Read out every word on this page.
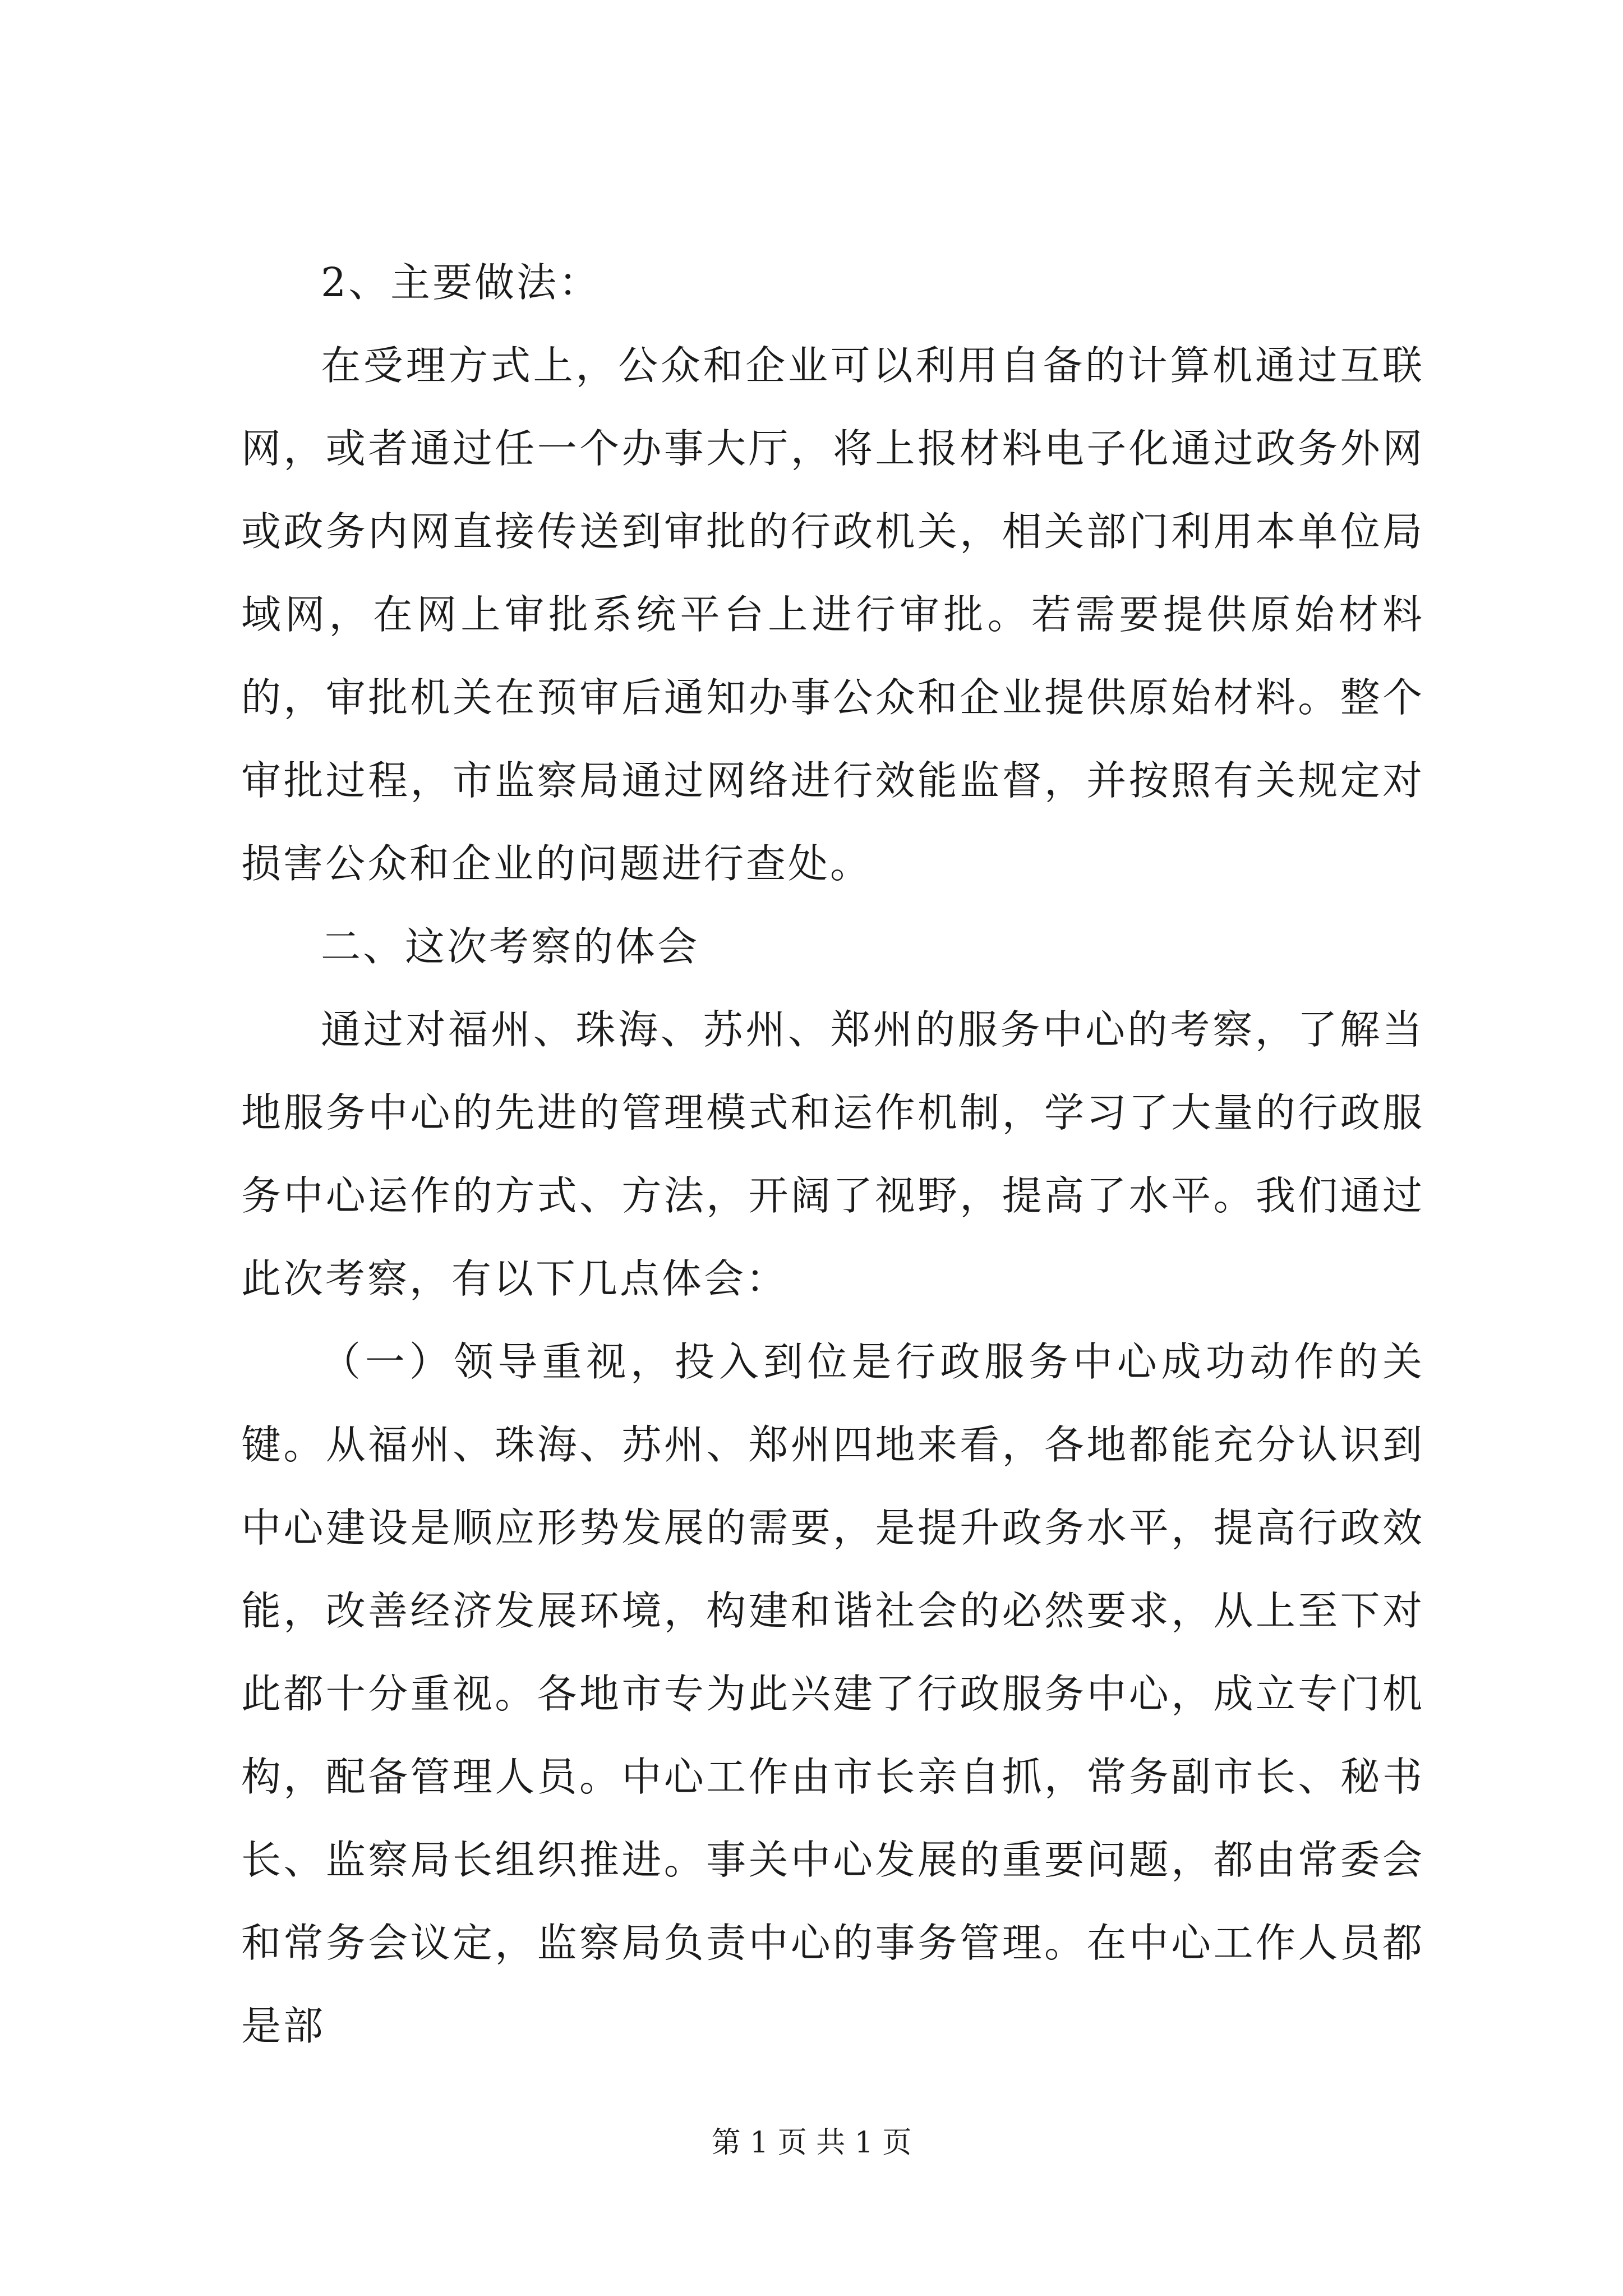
2、主要做法：

在受理方式上，公众和企业可以利用自备的计算机通过互联网，或者通过任一个办事大厅，将上报材料电子化通过政务外网或政务内网直接传送到审批的行政机关，相关部门利用本单位局域网，在网上审批系统平台上进行审批。若需要提供原始材料的，审批机关在预审后通知办事公众和企业提供原始材料。整个审批过程，市监察局通过网络进行效能监督，并按照有关规定对损害公众和企业的问题进行查处。

二、这次考察的体会

通过对福州、珠海、苏州、郑州的服务中心的考察，了解当地服务中心的先进的管理模式和运作机制，学习了大量的行政服务中心运作的方式、方法，开阔了视野，提高了水平。我们通过此次考察，有以下几点体会：

（一）领导重视，投入到位是行政服务中心成功动作的关键。从福州、珠海、苏州、郑州四地来看，各地都能充分认识到中心建设是顺应形势发展的需要，是提升政务水平，提高行政效能，改善经济发展环境，构建和谐社会的必然要求，从上至下对此都十分重视。各地市专为此兴建了行政服务中心，成立专门机构，配备管理人员。中心工作由市长亲自抓，常务副市长、秘书长、监察局长组织推进。事关中心发展的重要问题，都由常委会和常务会议定，监察局负责中心的事务管理。在中心工作人员都是部

第 1 页 共 1 页
